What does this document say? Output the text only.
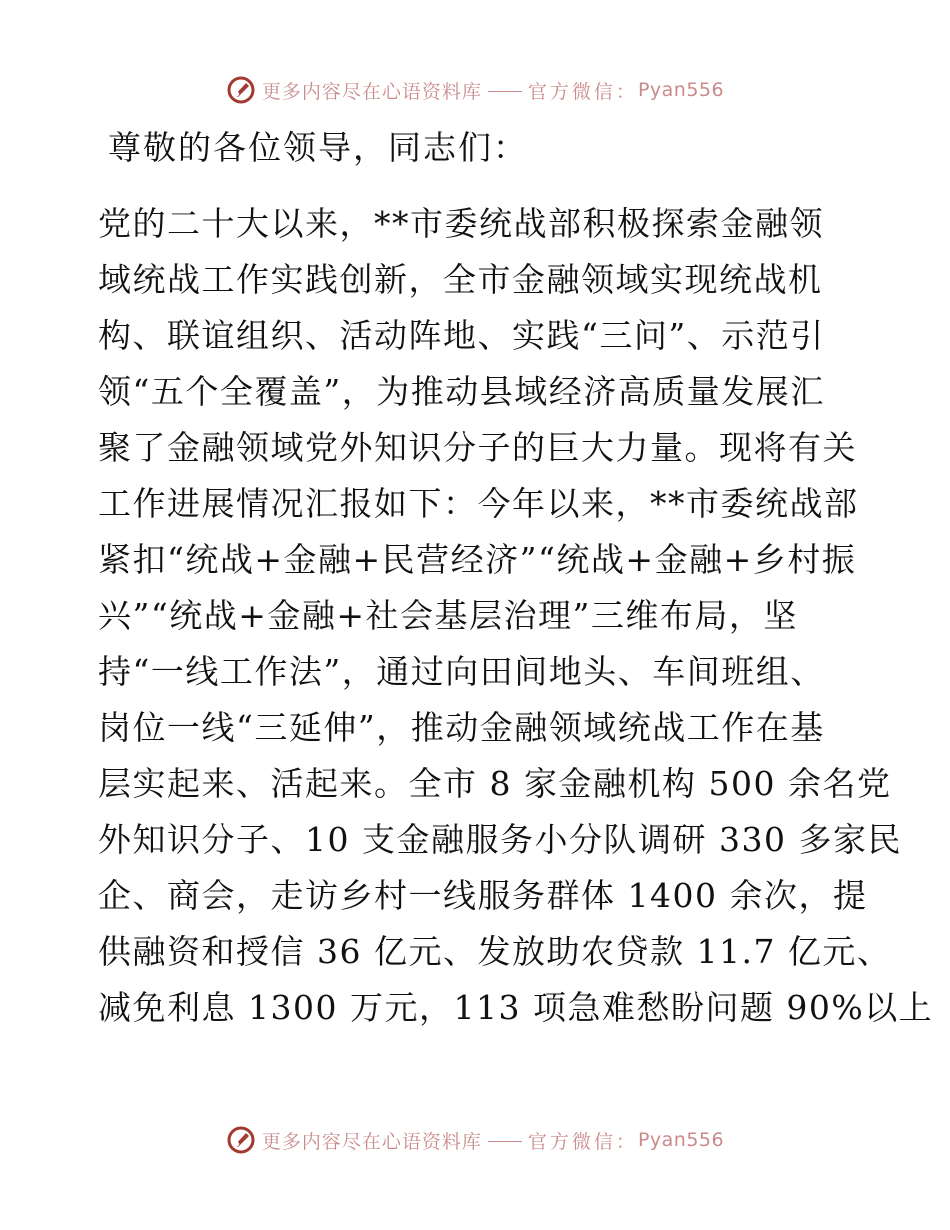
更多内容尽在心语资料库 官方微信： Pyan556

尊敬的各位领导，同志们：

党的二十大以来，**市委统战部积极探索金融领
域统战工作实践创新，全市金融领域实现统战机
构、联谊组织、活动阵地、实践“三问”、示范引
领“五个全覆盖”，为推动县域经济高质量发展汇
聚了金融领域党外知识分子的巨大力量。现将有关
工作进展情况汇报如下：今年以来，**市委统战部
紧扣“统战+金融+民营经济”“统战+金融+乡村振
兴”“统战+金融+社会基层治理”三维布局，坚
持“一线工作法”，通过向田间地头、车间班组、
岗位一线“三延伸”，推动金融领域统战工作在基
层实起来、活起来。全市 8 家金融机构 500 余名党
外知识分子、10 支金融服务小分队调研 330 多家民
企、商会，走访乡村一线服务群体 1400 余次，提
供融资和授信 36 亿元、发放助农贷款 11.7 亿元、
减免利息 1300 万元，113 项急难愁盼问题 90%以上
更多内容尽在心语资料库 官方微信： Pyan556
